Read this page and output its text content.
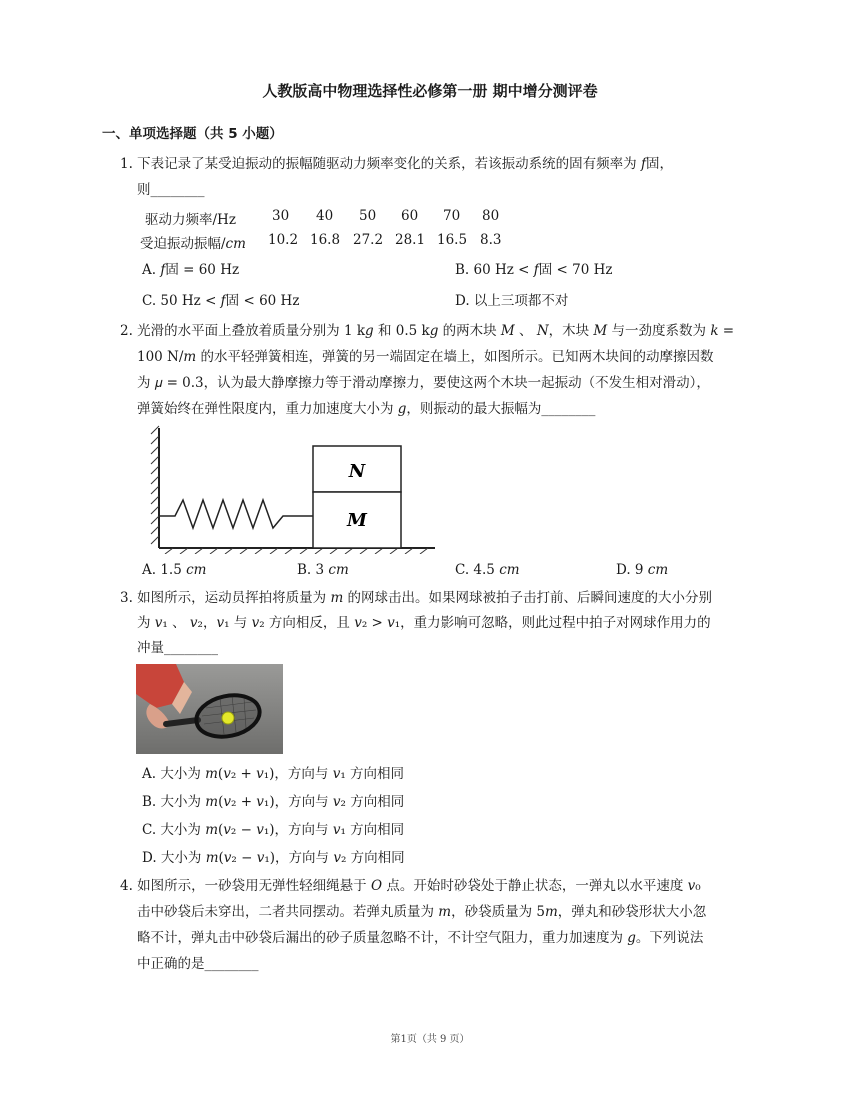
人教版高中物理选择性必修第一册 期中增分测评卷
一、单项选择题（共 5 小题）
1. 下表记录了某受迫振动的振幅随驱动力频率变化的关系，若该振动系统的固有频率为 𝑓固，
则________
驱动力频率/Hz	30 40 50 60 70 80
受迫振动振幅/𝑐𝑚 10.2 16.8 27.2 28.1 16.5 8.3
A. 𝑓固 = 60 Hz	B. 60 Hz < 𝑓固 < 70 Hz
C. 50 Hz < 𝑓固 < 60 Hz	D. 以上三项都不对
2. 光滑的水平面上叠放着质量分别为 1 k𝑔 和 0.5 k𝑔 的两木块 𝑀 、 𝑁，木块 𝑀 与一劲度系数为 𝑘 =
100 N/𝑚 的水平轻弹簧相连，弹簧的另一端固定在墙上，如图所示。已知两木块间的动摩擦因数
为 𝜇 = 0.3，认为最大静摩擦力等于滑动摩擦力，要使这两个木块一起振动（不发生相对滑动），
弹簧始终在弹性限度内，重力加速度大小为 𝑔，则振动的最大振幅为________
N
M
A. 1.5 𝑐𝑚	B. 3 𝑐𝑚	C. 4.5 𝑐𝑚	D. 9 𝑐𝑚
3. 如图所示，运动员挥拍将质量为 𝑚 的网球击出。如果网球被拍子击打前、后瞬间速度的大小分别
为 𝑣₁ 、 𝑣₂，𝑣₁ 与 𝑣₂ 方向相反，且 𝑣₂ > 𝑣₁，重力影响可忽略，则此过程中拍子对网球作用力的
冲量________
A. 大小为 𝑚(𝑣₂ + 𝑣₁)，方向与 𝑣₁ 方向相同
B. 大小为 𝑚(𝑣₂ + 𝑣₁)，方向与 𝑣₂ 方向相同
C. 大小为 𝑚(𝑣₂ − 𝑣₁)，方向与 𝑣₁ 方向相同
D. 大小为 𝑚(𝑣₂ − 𝑣₁)，方向与 𝑣₂ 方向相同
4. 如图所示，一砂袋用无弹性轻细绳悬于 𝑂 点。开始时砂袋处于静止状态，一弹丸以水平速度 𝑣₀
击中砂袋后未穿出，二者共同摆动。若弹丸质量为 𝑚，砂袋质量为 5𝑚，弹丸和砂袋形状大小忽
略不计，弹丸击中砂袋后漏出的砂子质量忽略不计，不计空气阻力，重力加速度为 𝑔。下列说法
中正确的是________
第1页（共 9 页）
